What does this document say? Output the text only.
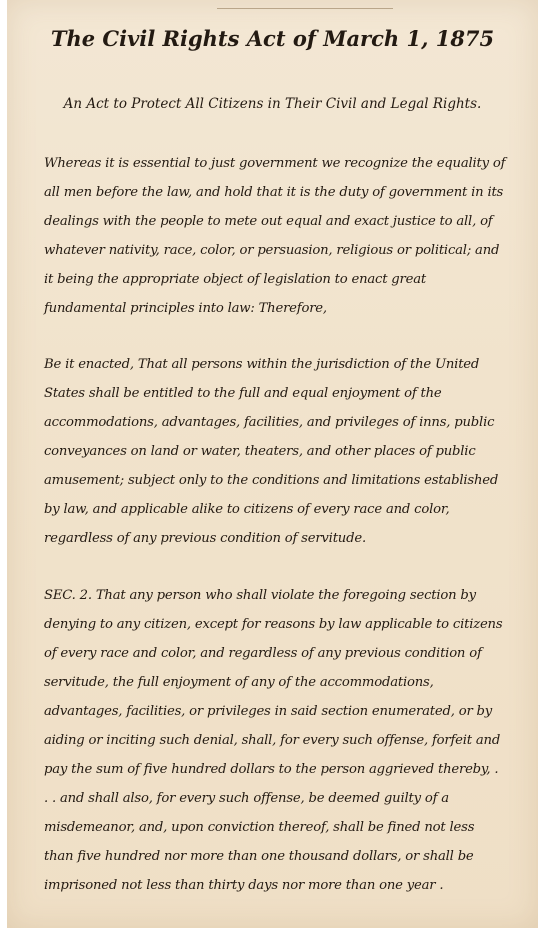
The Civil Rights Act of March 1, 1875

An Act to Protect All Citizens in Their Civil and Legal Rights.

Whereas it is essential to just government we recognize the equality of all men before the law, and hold that it is the duty of government in its dealings with the people to mete out equal and exact justice to all, of whatever nativity, race, color, or persuasion, religious or political; and it being the appropriate object of legislation to enact great fundamental principles into law: Therefore,

Be it enacted, That all persons within the jurisdiction of the United States shall be entitled to the full and equal enjoyment of the accommodations, advantages, facilities, and privileges of inns, public conveyances on land or water, theaters, and other places of public amusement; subject only to the conditions and limitations established by law, and applicable alike to citizens of every race and color, regardless of any previous condition of servitude.

SEC. 2. That any person who shall violate the foregoing section by denying to any citizen, except for reasons by law applicable to citizens of every race and color, and regardless of any previous condition of servitude, the full enjoyment of any of the accommodations, advantages, facilities, or privileges in said section enumerated, or by aiding or inciting such denial, shall, for every such offense, forfeit and pay the sum of five hundred dollars to the person aggrieved thereby, . . . and shall also, for every such offense, be deemed guilty of a misdemeanor, and, upon conviction thereof, shall be fined not less than five hundred nor more than one thousand dollars, or shall be imprisoned not less than thirty days nor more than one year .
